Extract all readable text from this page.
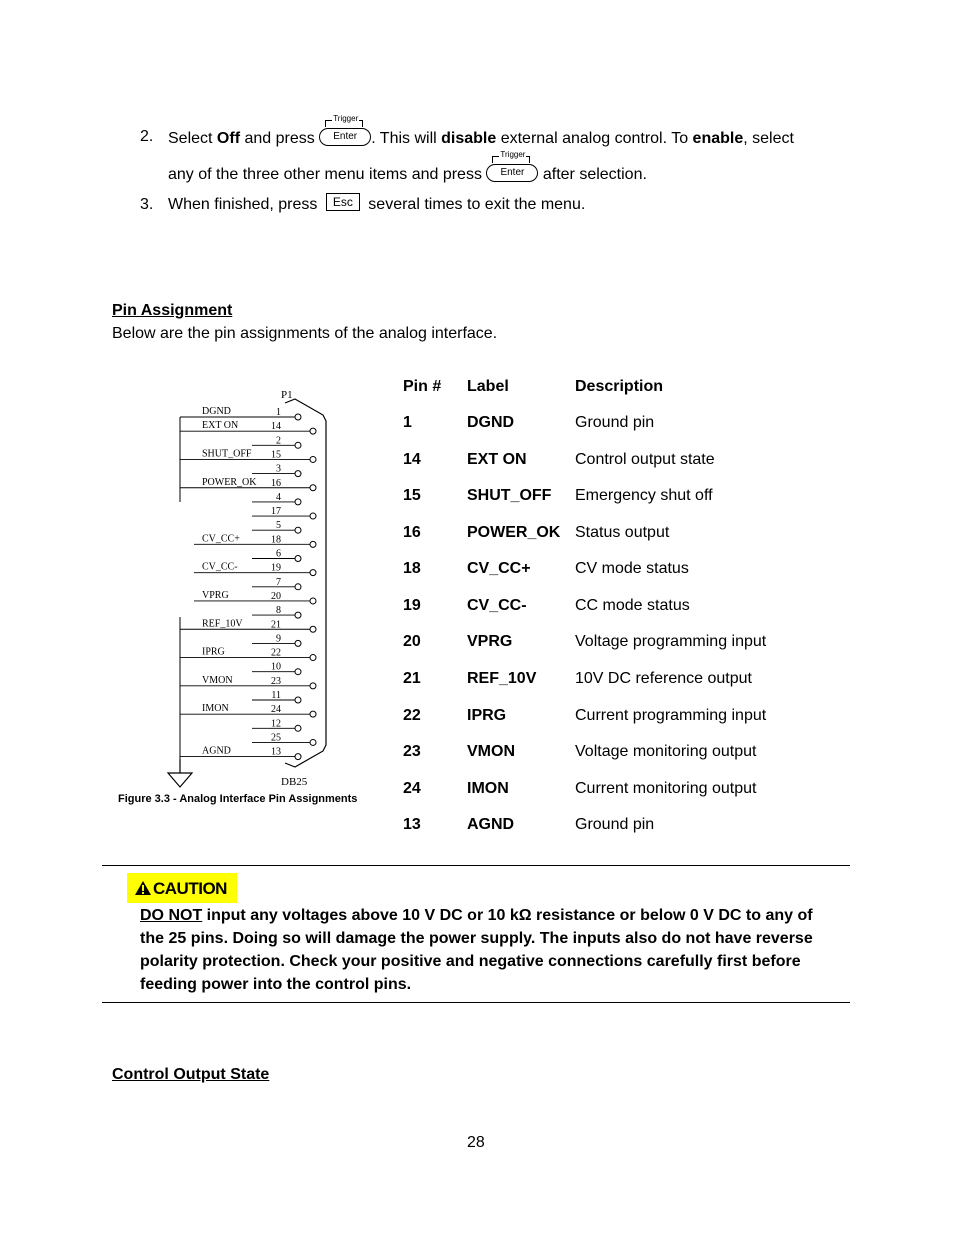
2. Select Off and press
Trigger
Enter . This will disable external analog control. To enable, select
any of the three other menu items and press
Trigger
Enter after selection.
3. When finished, press Esc several times to exit the menu.
Pin Assignment
Below are the pin assignments of the analog interface.
P1
1
14
2
15
3
16
4
17
5
18
6
19
7
20
8
21
9
22
10
23
11
24
12
25
13
DGND
EXT ON
SHUT_OFF
POWER_OK
CV_CC+
CV_CC-
VPRG
REF_10V
IPRG
VMON
IMON
AGND
DB25
Figure 3.3 - Analog Interface Pin Assignments
Pin # Label	Description
1	DGND	Ground pin
14	EXT ON	Control output state
15	SHUT_OFF Emergency shut off
16	POWER_OK Status output
18	CV_CC+	CV mode status
19	CV_CC-	CC mode status
20	VPRG	Voltage programming input
21	REF_10V 10V DC reference output
22	IPRG	Current programming input
23	VMON	Voltage monitoring output
24	IMON	Current monitoring output
13	AGND	Ground pin
CAUTION
DO NOT input any voltages above 10 V DC or 10 kΩ resistance or below 0 V DC to any of
the 25 pins. Doing so will damage the power supply. The inputs also do not have reverse
polarity protection. Check your positive and negative connections carefully first before
feeding power into the control pins.
Control Output State
28
